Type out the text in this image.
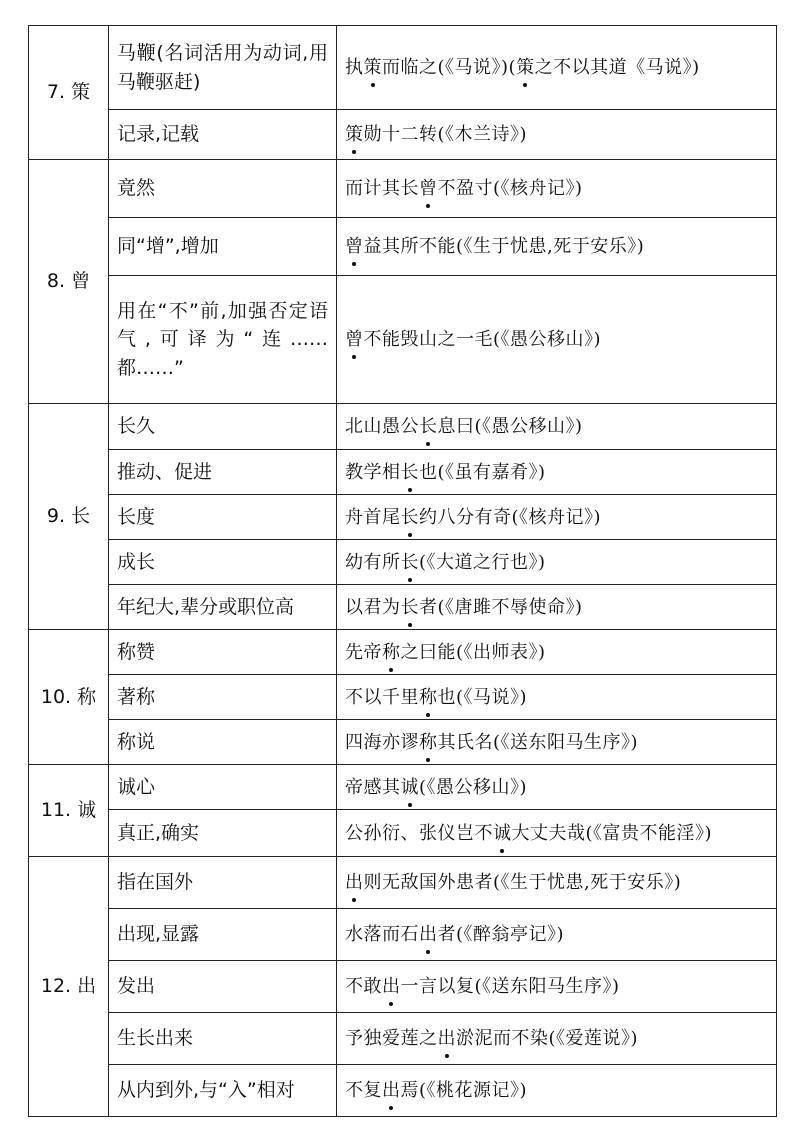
7. 策	马鞭(名词活用为动词,用马鞭驱赶)	执策而临之(《马说》)(策之不以其道《马说》)
	记录,记载	策勋十二转(《木兰诗》)
8. 曾	竟然	而计其长曾不盈寸(《核舟记》)
	同“增”,增加	曾益其所不能(《生于忧患,死于安乐》)
	用在“不”前,加强否定语气,可译为“连……都……”	曾不能毁山之一毛(《愚公移山》)
9. 长	长久	北山愚公长息曰(《愚公移山》)
	推动、促进	教学相长也(《虽有嘉肴》)
	长度	舟首尾长约八分有奇(《核舟记》)
	成长	幼有所长(《大道之行也》)
	年纪大,辈分或职位高	以君为长者(《唐雎不辱使命》)
10. 称	称赞	先帝称之曰能(《出师表》)
	著称	不以千里称也(《马说》)
	称说	四海亦谬称其氏名(《送东阳马生序》)
11. 诚	诚心	帝感其诚(《愚公移山》)
	真正,确实	公孙衍、张仪岂不诚大丈夫哉(《富贵不能淫》)
12. 出	指在国外	出则无敌国外患者(《生于忧患,死于安乐》)
	出现,显露	水落而石出者(《醉翁亭记》)
	发出	不敢出一言以复(《送东阳马生序》)
	生长出来	予独爱莲之出淤泥而不染(《爱莲说》)
	从内到外,与“入”相对	不复出焉(《桃花源记》)
